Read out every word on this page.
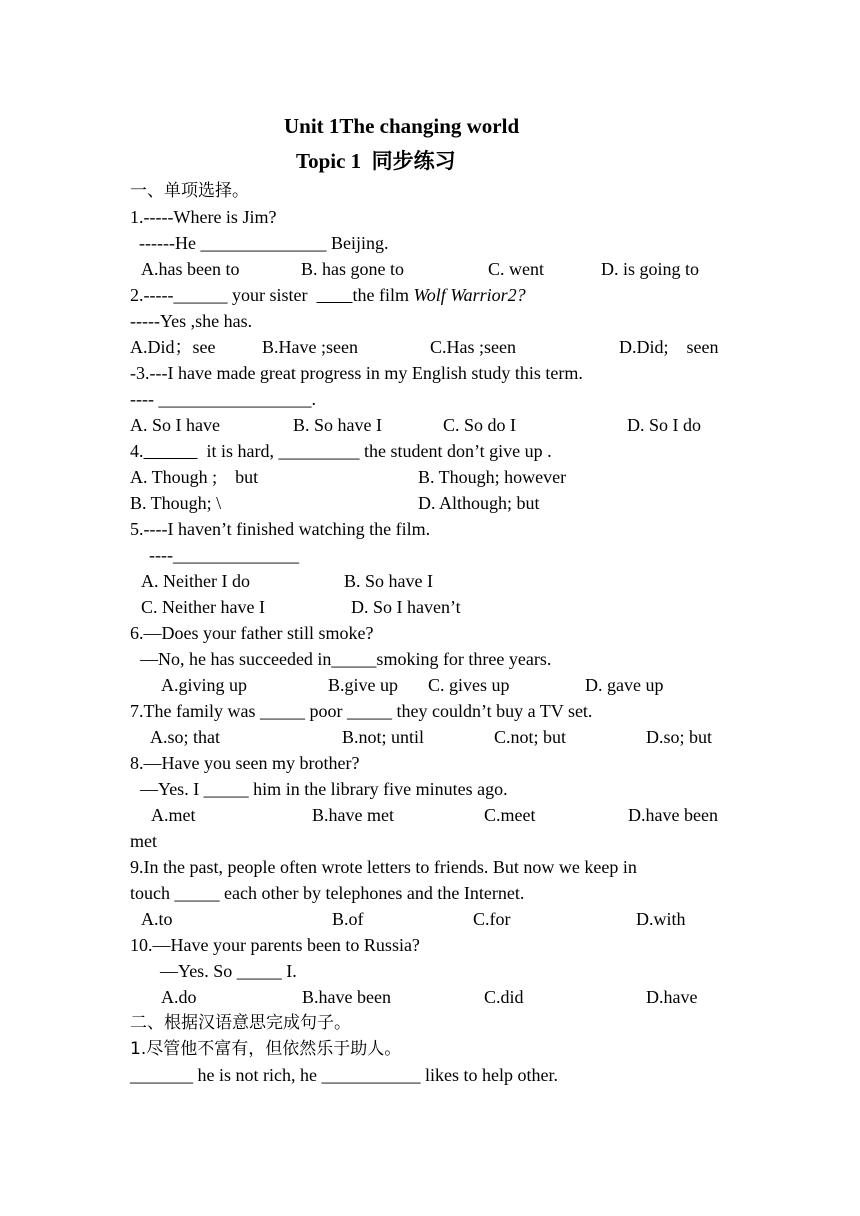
Unit 1The changing world
Topic 1  同步练习
一、单项选择。
1.-----Where is Jim?
------He ______________ Beijing.
A.has been to	B. has gone to	C. went	D. is going to
2.-----______ your sister          the film Wolf Warrior2?
-----Yes ,she has.
A.Did；see	B.Have ;seen	C.Has ;seen	D.Did;    seen
-3.---I have made great progress in my English study this term.
---- _________________.
A. So I have	B. So have I	C. So do I	D. So I do
4.	it is hard, _________ the student don’t give up .
A. Though ;    but	B. Though; however
B. Though; \	D. Although; but
5.----I haven’t finished watching the film.
----______________
A. Neither I do	B. So have I
C. Neither have I	D. So I haven’t
6.—Does your father still smoke?
—No, he has succeeded in_____smoking for three years.
A.giving up	B.give up C. gives up	D. gave up
7.The family was _____ poor _____ they couldn’t buy a TV set.
A.so; that	B.not; until	C.not; but	D.so; but
8.—Have you seen my brother?
—Yes. I _____ him in the library five minutes ago.
A.met	B.have met	C.meet	D.have been
met
9.In the past, people often wrote letters to friends. But now we keep in
touch _____ each other by telephones and the Internet.
A.to	B.of	C.for	D.with
10.—Have your parents been to Russia?
—Yes. So _____ I.
A.do	B.have been	C.did	D.have
二、根据汉语意思完成句子。
1.尽管他不富有，但依然乐于助人。
_______ he is not rich, he ___________ likes to help other.
